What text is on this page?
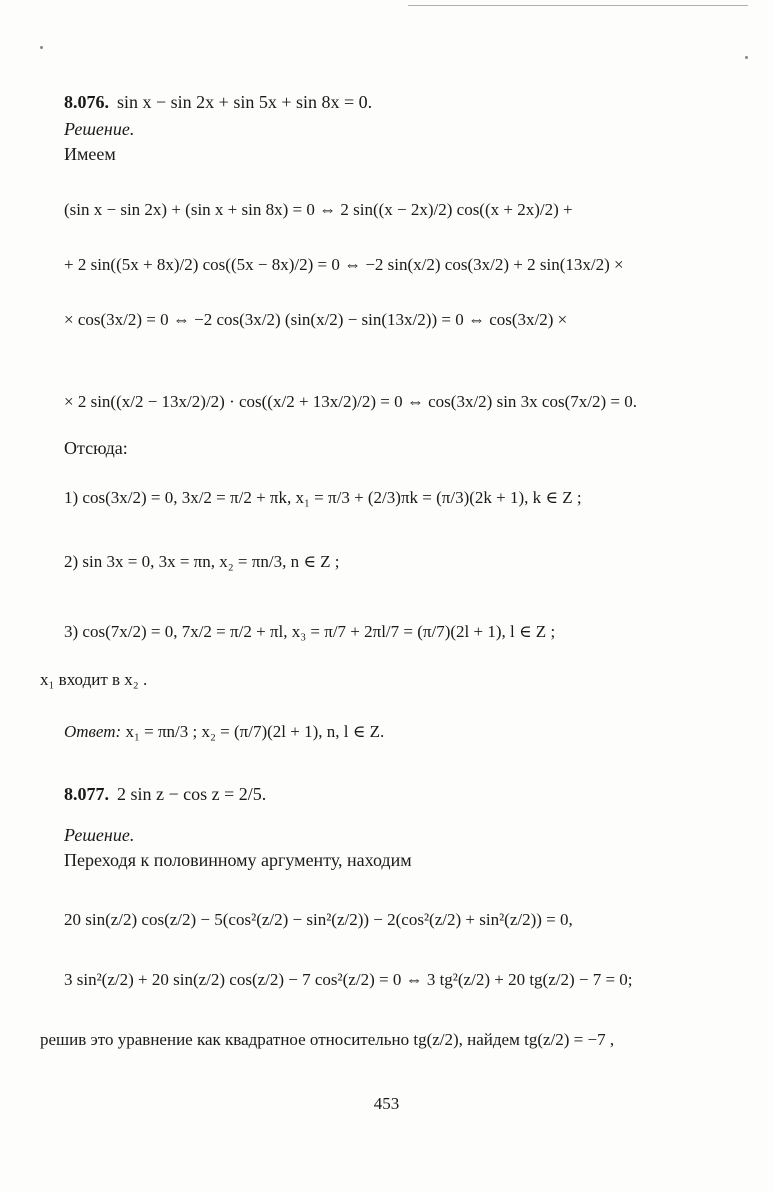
8.076. sin x − sin 2x + sin 5x + sin 8x = 0.
Решение.
Имеем
(sin x − sin 2x) + (sin x + sin 8x) = 0 ⇔ 2 sin((x − 2x)/2) cos((x + 2x)/2) +
+ 2 sin((5x + 8x)/2) cos((5x − 8x)/2) = 0 ⇔ −2 sin(x/2) cos(3x/2) + 2 sin(13x/2) ×
× cos(3x/2) = 0 ⇔ −2 cos(3x/2) (sin(x/2) − sin(13x/2)) = 0 ⇔ cos(3x/2) ×
× 2 sin((x/2 − 13x/2)/2) · cos((x/2 + 13x/2)/2) = 0 ⇔ cos(3x/2) sin 3x cos(7x/2) = 0.
Отсюда:
1) cos(3x/2) = 0, 3x/2 = π/2 + πk, x₁ = π/3 + (2/3)πk = (π/3)(2k + 1), k ∈ Z ;
2) sin 3x = 0, 3x = πn, x₂ = πn/3, n ∈ Z ;
3) cos(7x/2) = 0, 7x/2 = π/2 + πl, x₃ = π/7 + 2πl/7 = (π/7)(2l + 1), l ∈ Z ;
x₁ входит в x₂ .
Ответ: x₁ = πn/3 ; x₂ = (π/7)(2l + 1), n, l ∈ Z.
8.077. 2 sin z − cos z = 2/5.
Решение.
Переходя к половинному аргументу, находим
20 sin(z/2) cos(z/2) − 5(cos²(z/2) − sin²(z/2)) − 2(cos²(z/2) + sin²(z/2)) = 0,
3 sin²(z/2) + 20 sin(z/2) cos(z/2) − 7 cos²(z/2) = 0 ⇔ 3 tg²(z/2) + 20 tg(z/2) − 7 = 0;
решив это уравнение как квадратное относительно tg(z/2), найдем tg(z/2) = −7 ,
453
